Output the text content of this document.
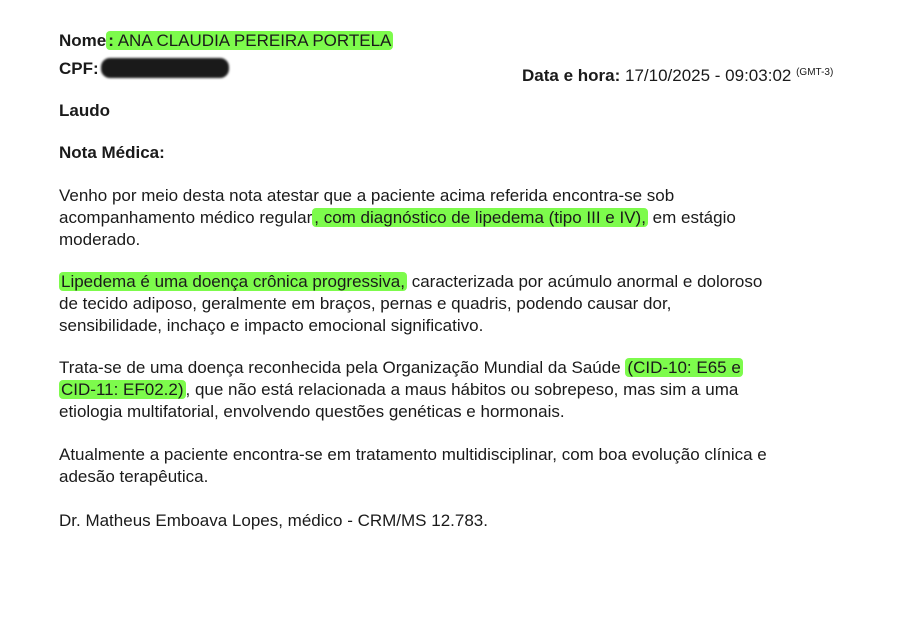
Nome : ANA CLAUDIA PEREIRA PORTELA
CPF:	Data e hora: 17/10/2025 - 09:03:02 $^{(GMT-3)}$
Laudo
Nota Médica:
Venho por meio desta nota atestar que a paciente acima referida encontra-se sob
acompanhamento médico regular , com diagnóstico de lipedema (tipo III e IV), em estágio
moderado.
Lipedema é uma doença crônica progressiva, caracterizada por acúmulo anormal e doloroso
de tecido adiposo, geralmente em braços, pernas e quadris, podendo causar dor,
sensibilidade, inchaço e impacto emocional significativo.
Trata-se de uma doença reconhecida pela Organização Mundial da Saúde (CID-10: E65 e
CID-11: EF02.2) , que não está relacionada a maus hábitos ou sobrepeso, mas sim a uma
etiologia multifatorial, envolvendo questões genéticas e hormonais.
Atualmente a paciente encontra-se em tratamento multidisciplinar, com boa evolução clínica e
adesão terapêutica.
Dr. Matheus Emboava Lopes, médico - CRM/MS 12.783.
